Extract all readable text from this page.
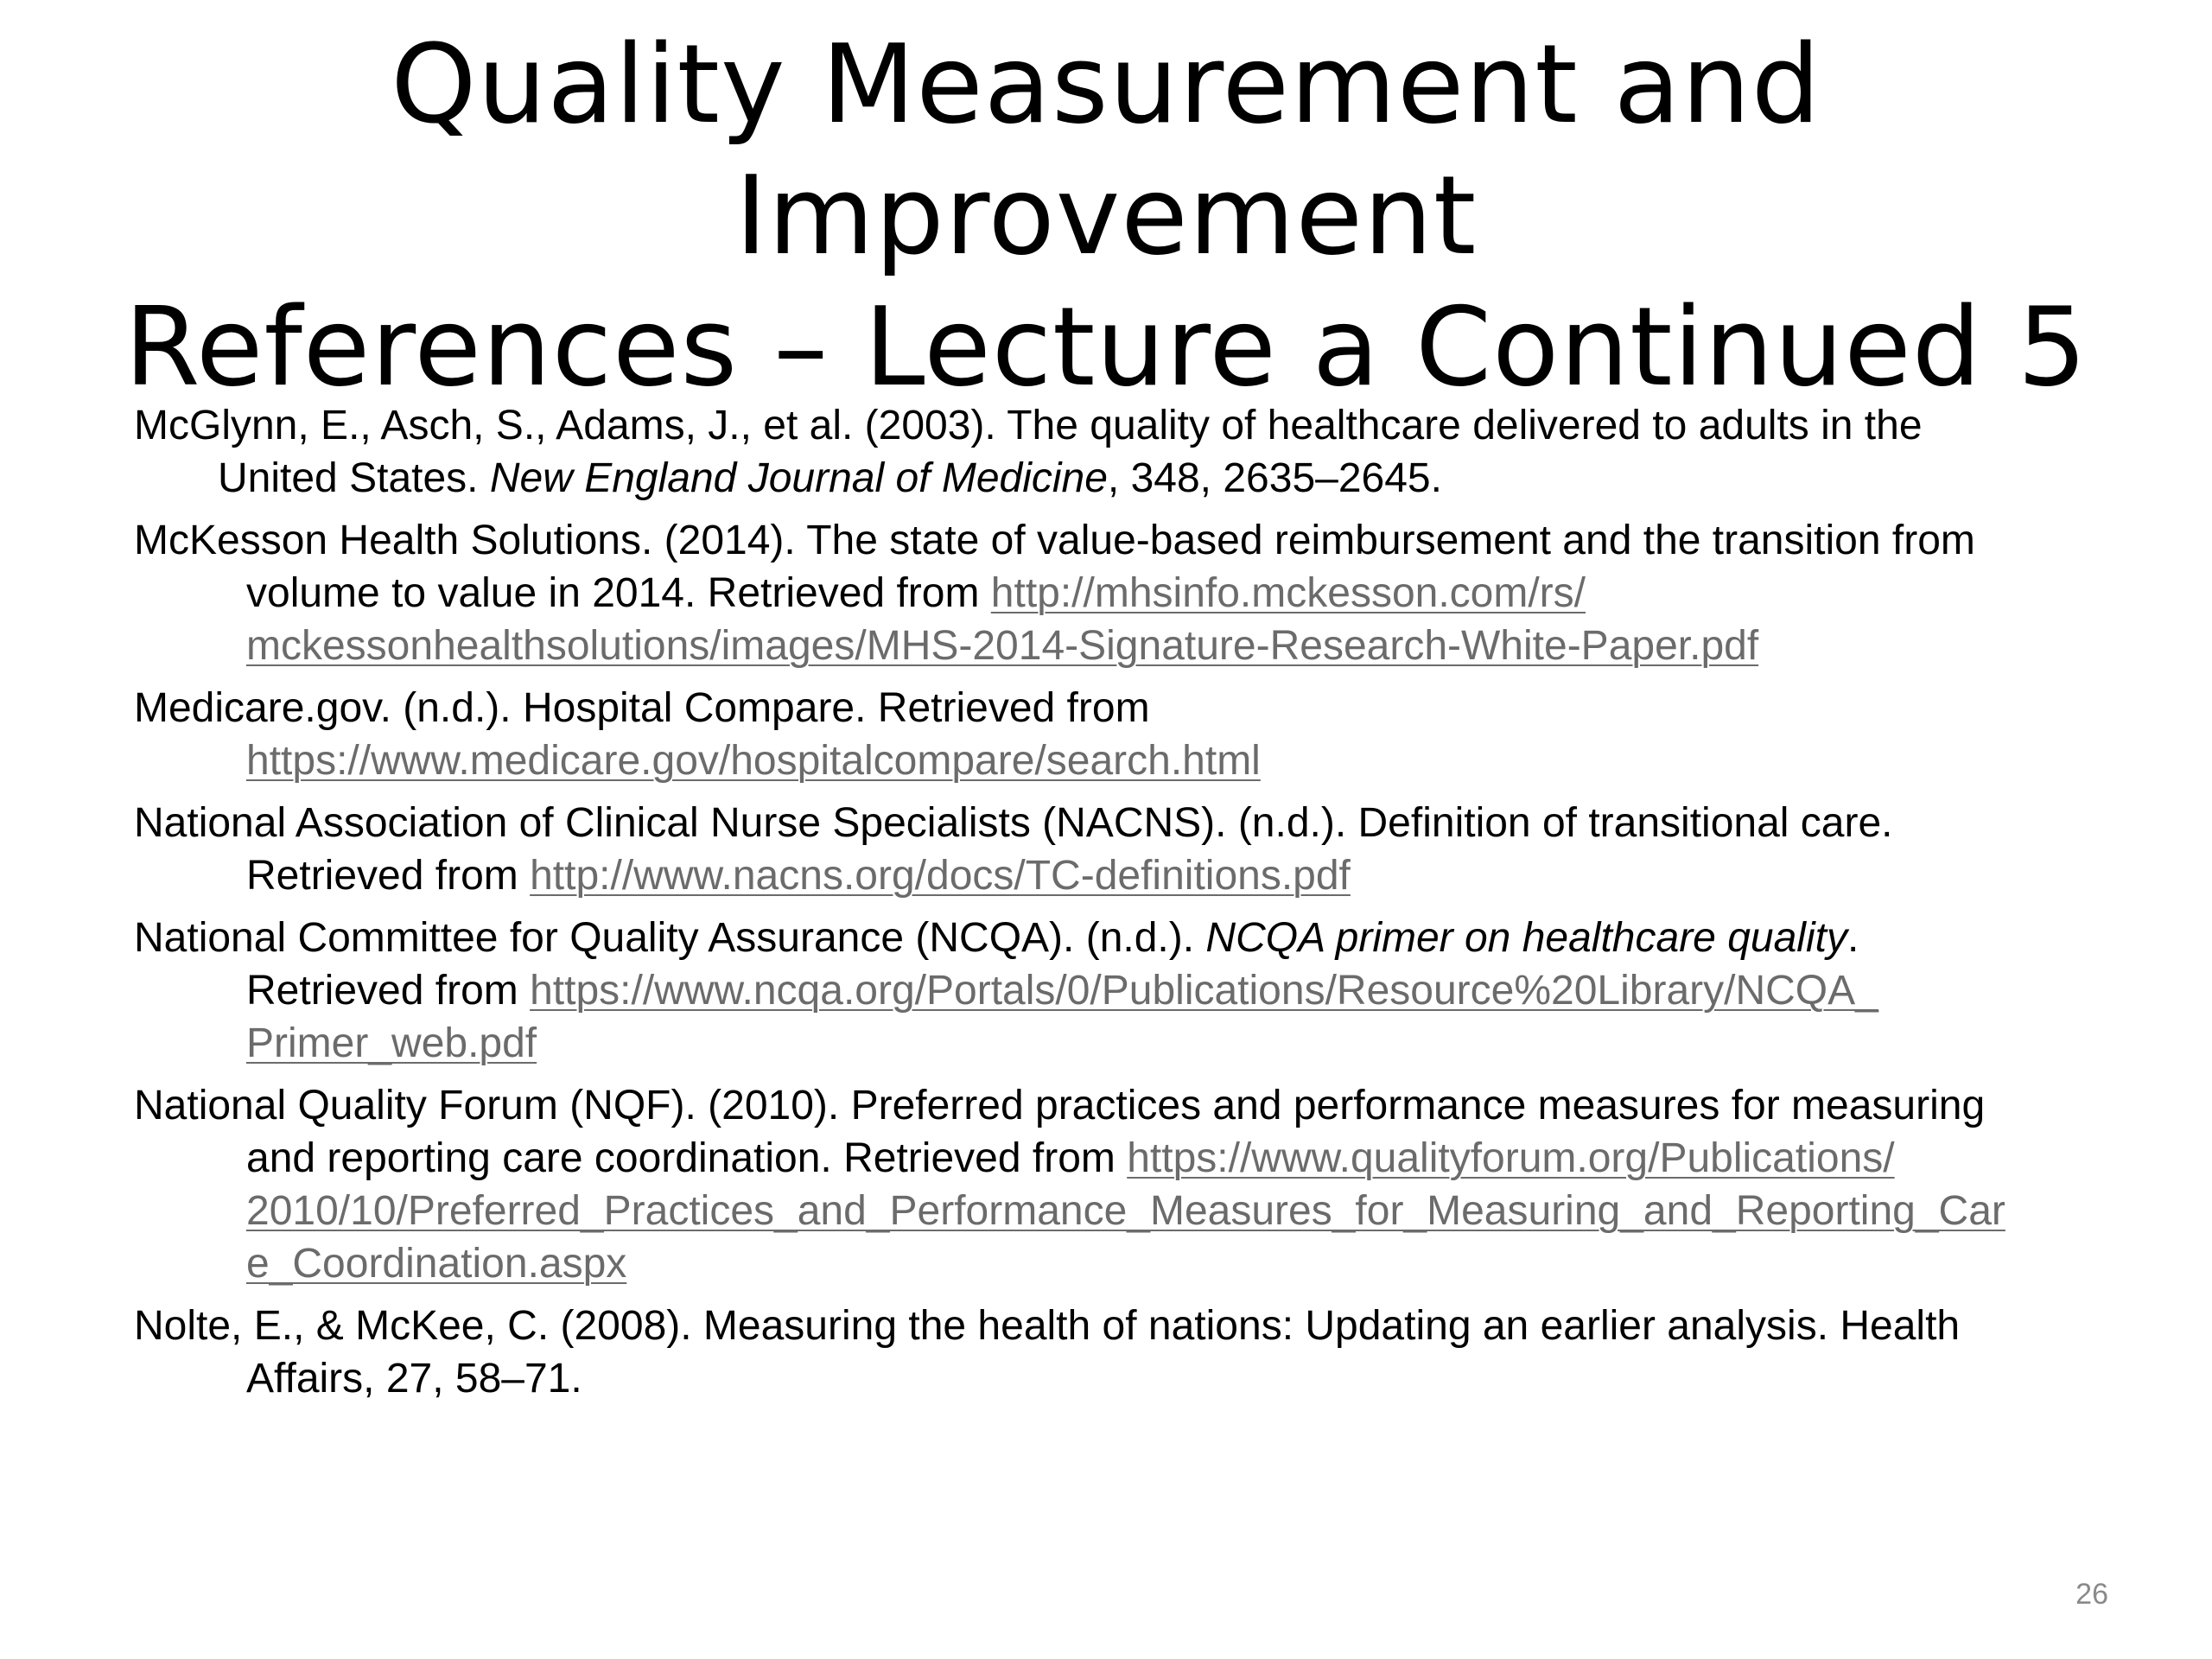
Quality Measurement and
Improvement
References – Lecture a Continued 5

McGlynn, E., Asch, S., Adams, J., et al. (2003). The quality of healthcare delivered to adults in the
United States. New England Journal of Medicine, 348, 2635–2645.

McKesson Health Solutions. (2014). The state of value-based reimbursement and the transition from
volume to value in 2014. Retrieved from http://mhsinfo.mckesson.com/rs/
mckessonhealthsolutions/images/MHS-2014-Signature-Research-White-Paper.pdf

Medicare.gov. (n.d.). Hospital Compare. Retrieved from
https://www.medicare.gov/hospitalcompare/search.html

National Association of Clinical Nurse Specialists (NACNS). (n.d.). Definition of transitional care.
Retrieved from http://www.nacns.org/docs/TC-definitions.pdf

National Committee for Quality Assurance (NCQA). (n.d.). NCQA primer on healthcare quality.
Retrieved from https://www.ncqa.org/Portals/0/Publications/Resource%20Library/NCQA_
Primer_web.pdf

National Quality Forum (NQF). (2010). Preferred practices and performance measures for measuring
and reporting care coordination. Retrieved from https://www.qualityforum.org/Publications/
2010/10/Preferred_Practices_and_Performance_Measures_for_Measuring_and_Reporting_Car
e_Coordination.aspx

Nolte, E., & McKee, C. (2008). Measuring the health of nations: Updating an earlier analysis. Health
Affairs, 27, 58–71.

26
